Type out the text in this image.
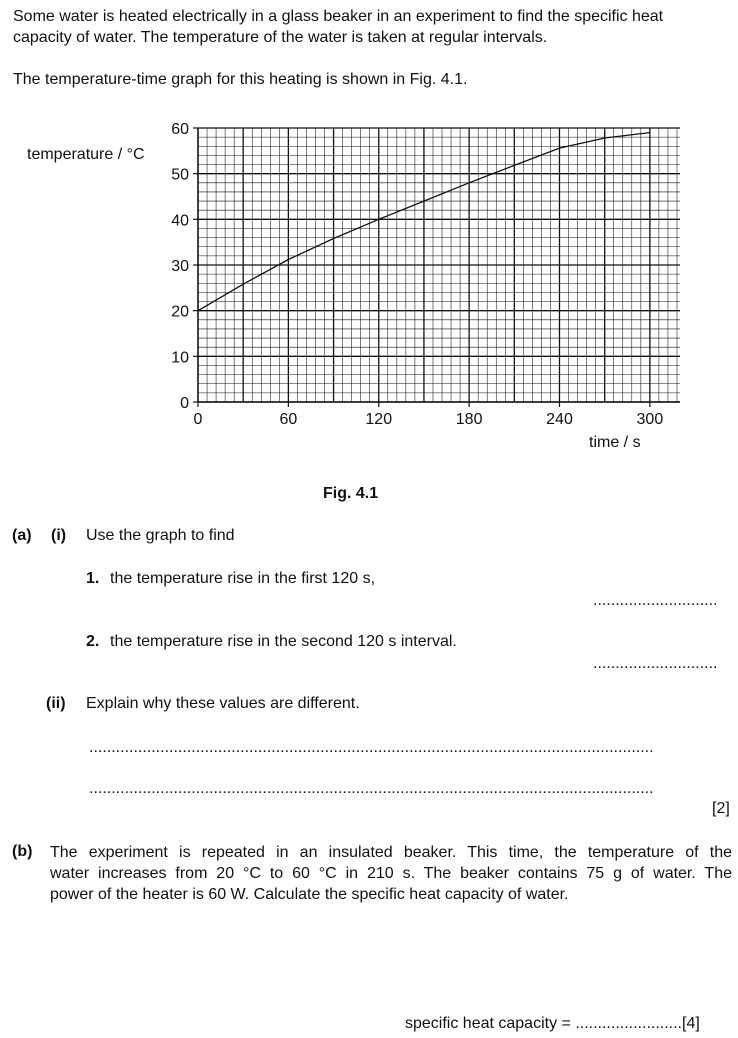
Some water is heated electrically in a glass beaker in an experiment to find the specific heat
capacity of water. The temperature of the water is taken at regular intervals.
The temperature-time graph for this heating is shown in Fig. 4.1.
0	60	120	180	240	300
0
10
20
30
40
50
60
temperature / °C
time / s
Fig. 4.1
(a) (i) Use the graph to find
1. the temperature rise in the first 120 s,
............................
2. the temperature rise in the second 120 s interval.
............................
(ii) Explain why these values are different.
...............................................................................................................................
...............................................................................................................................
[2]
(b) The experiment is repeated in an insulated beaker. This time, the temperature of the
water increases from 20 °C to 60 °C in 210 s. The beaker contains 75 g of water. The
power of the heater is 60 W. Calculate the specific heat capacity of water.
specific heat capacity = ........................[4]
